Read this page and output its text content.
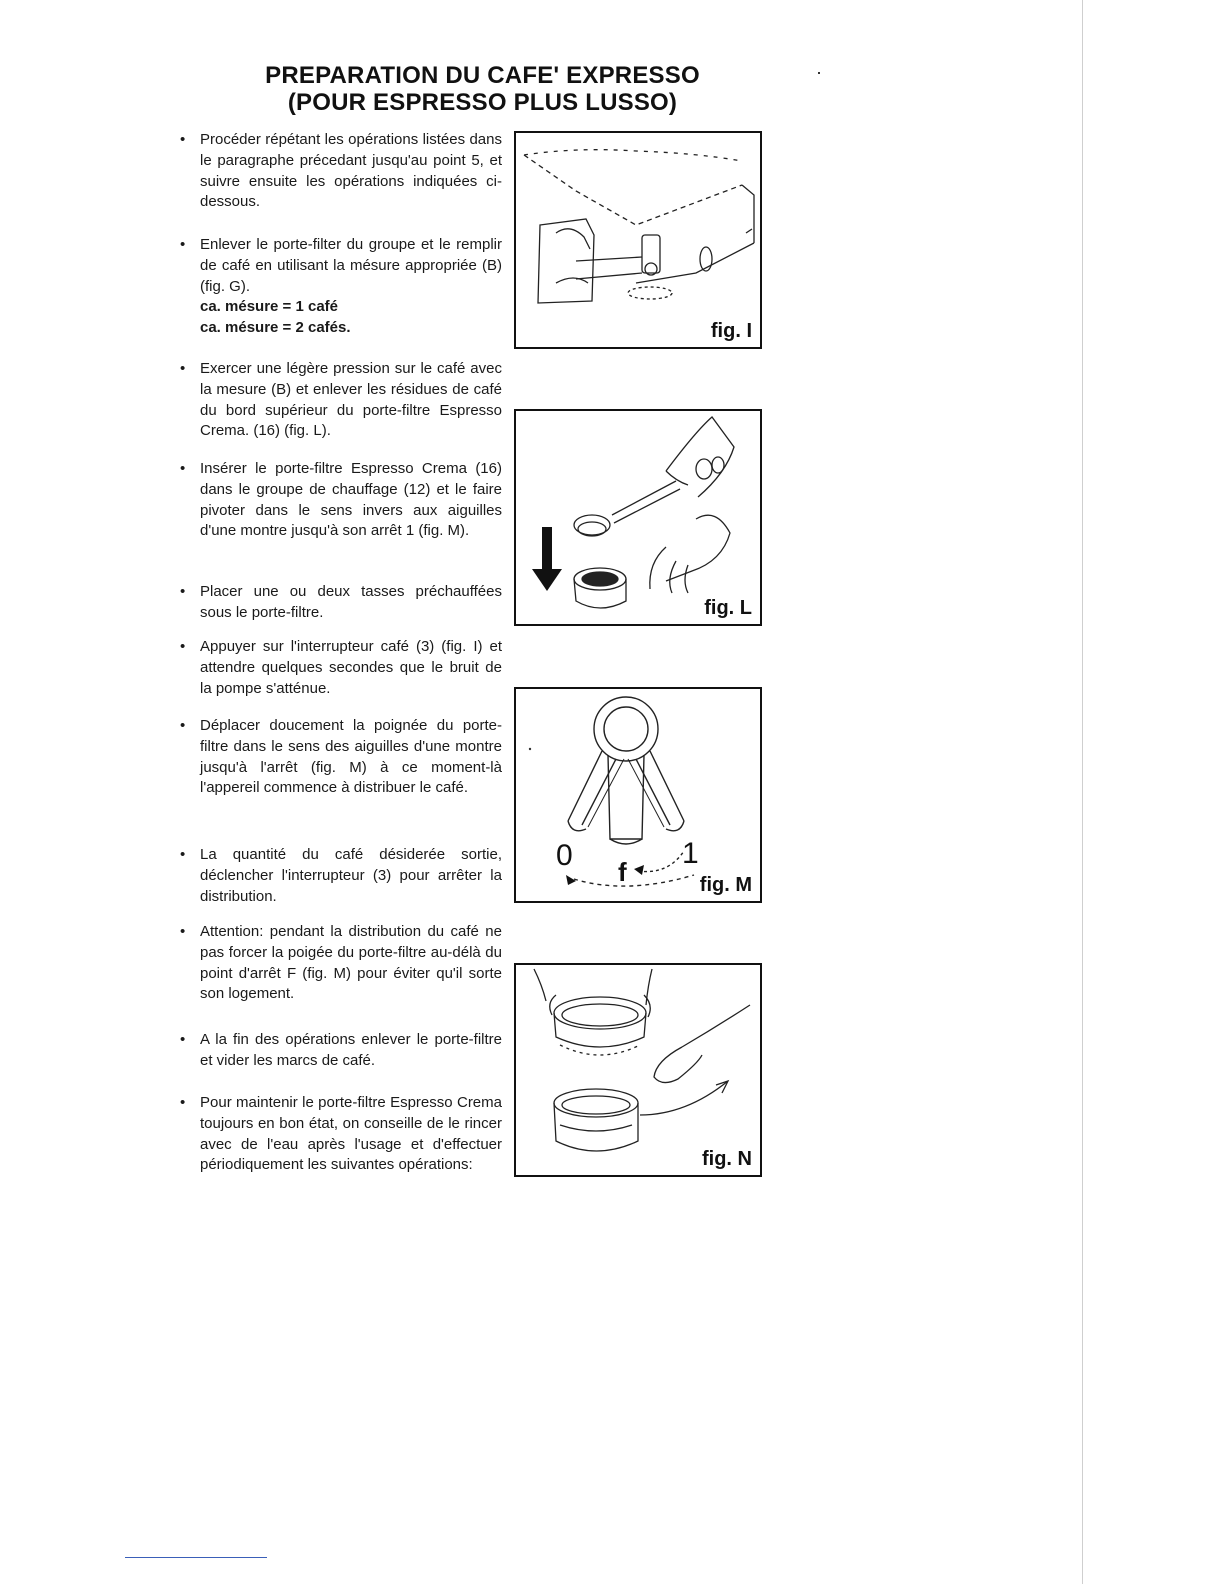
PREPARATION DU CAFE' EXPRESSO
(POUR ESPRESSO PLUS LUSSO)
• Procéder répétant les opérations listées dans le paragraphe précedant jusqu'au point 5, et suivre ensuite les opérations indiquées ci-dessous.
• Enlever le porte-filter du groupe et le remplir de café en utilisant la mésure appropriée (B) (fig. G).
ca. mésure = 1 café
ca. mésure = 2 cafés.
• Exercer une légère pression sur le café avec la mesure (B) et enlever les résidues de café du bord supérieur du porte-filtre Espresso Crema. (16) (fig. L).
• Insérer le porte-filtre Espresso Crema (16) dans le groupe de chauffage (12) et le faire pivoter dans le sens invers aux aiguilles d'une montre jusqu'à son arrêt 1 (fig. M).
• Placer une ou deux tasses préchauffées sous le porte-filtre.
• Appuyer sur l'interrupteur café (3) (fig. I) et attendre quelques secondes que le bruit de la pompe s'atténue.
• Déplacer doucement la poignée du porte-filtre dans le sens des aiguilles d'une montre jusqu'à l'arrêt (fig. M) à ce moment-là l'appereil commence à distribuer le café.
• La quantité du café désiderée sortie, déclencher l'interrupteur (3) pour arrêter la distribution.
• Attention: pendant la distribution du café ne pas forcer la poigée du porte-filtre au-délà du point d'arrêt F (fig. M) pour éviter qu'il sorte son logement.
• A la fin des opérations enlever le porte-filtre et vider les marcs de café.
• Pour maintenir le porte-filtre Espresso Crema toujours en bon état, on conseille de le rincer avec de l'eau après l'usage et d'effectuer périodiquement les suivantes opérations:
fig. I
fig. L
0	1
f	fig. M
fig. N
